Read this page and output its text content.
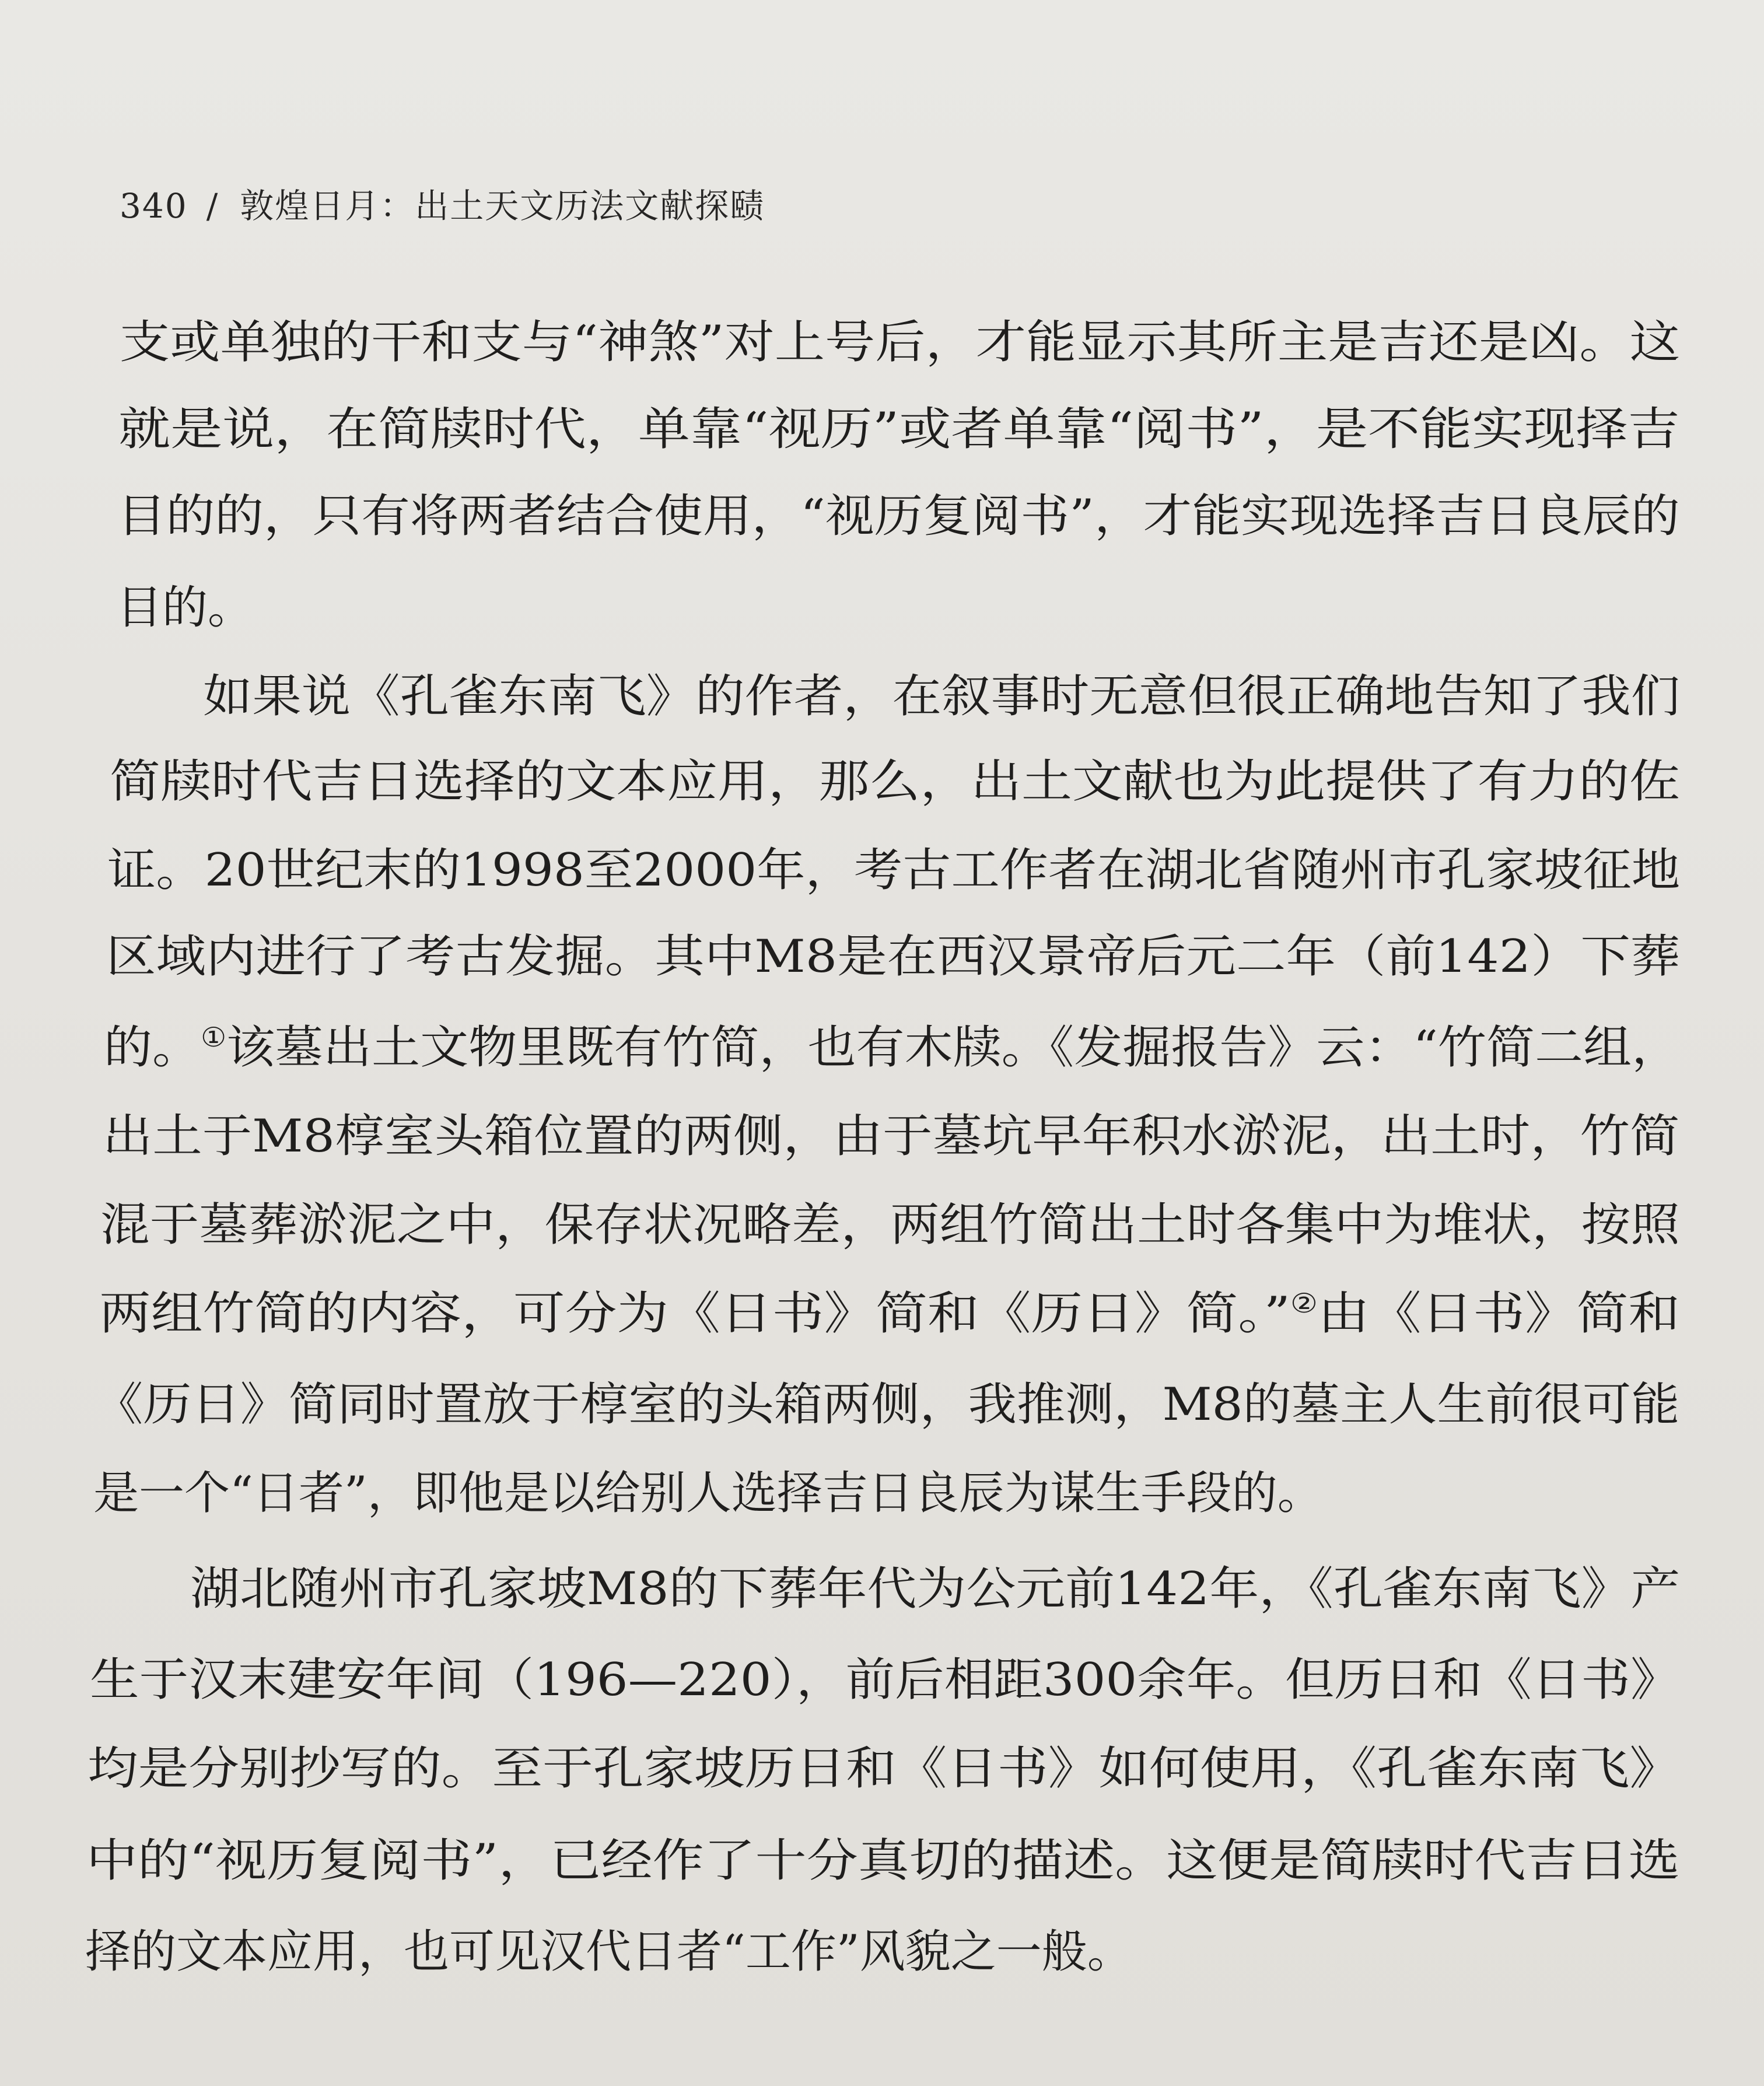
340 / 敦煌日月：出土天文历法文献探赜
支或单独的干和支与“神煞”对上号后，才能显示其所主是吉还是凶。这
就是说，在简牍时代，单靠“视历”或者单靠“阅书”，是不能实现择吉
目的的，只有将两者结合使用，“视历复阅书”，才能实现选择吉日良辰的
目的。
如果说《孔雀东南飞》的作者，在叙事时无意但很正确地告知了我们
简牍时代吉日选择的文本应用，那么，出土文献也为此提供了有力的佐
证。20世纪末的1998至2000年，考古工作者在湖北省随州市孔家坡征地
区域内进行了考古发掘。其中M8是在西汉景帝后元二年（前142）下葬
的。①该墓出土文物里既有竹简，也有木牍。《发掘报告》云：“竹简二组，
出土于M8椁室头箱位置的两侧，由于墓坑早年积水淤泥，出土时，竹简
混于墓葬淤泥之中，保存状况略差，两组竹简出土时各集中为堆状，按照
两组竹简的内容，可分为《日书》简和《历日》简。”②由《日书》简和
《历日》简同时置放于椁室的头箱两侧，我推测，M8的墓主人生前很可能
是一个“日者”，即他是以给别人选择吉日良辰为谋生手段的。
湖北随州市孔家坡M8的下葬年代为公元前142年，《孔雀东南飞》产
生于汉末建安年间（196—220），前后相距300余年。但历日和《日书》
均是分别抄写的。至于孔家坡历日和《日书》如何使用，《孔雀东南飞》
中的“视历复阅书”，已经作了十分真切的描述。这便是简牍时代吉日选
择的文本应用，也可见汉代日者“工作”风貌之一般。
